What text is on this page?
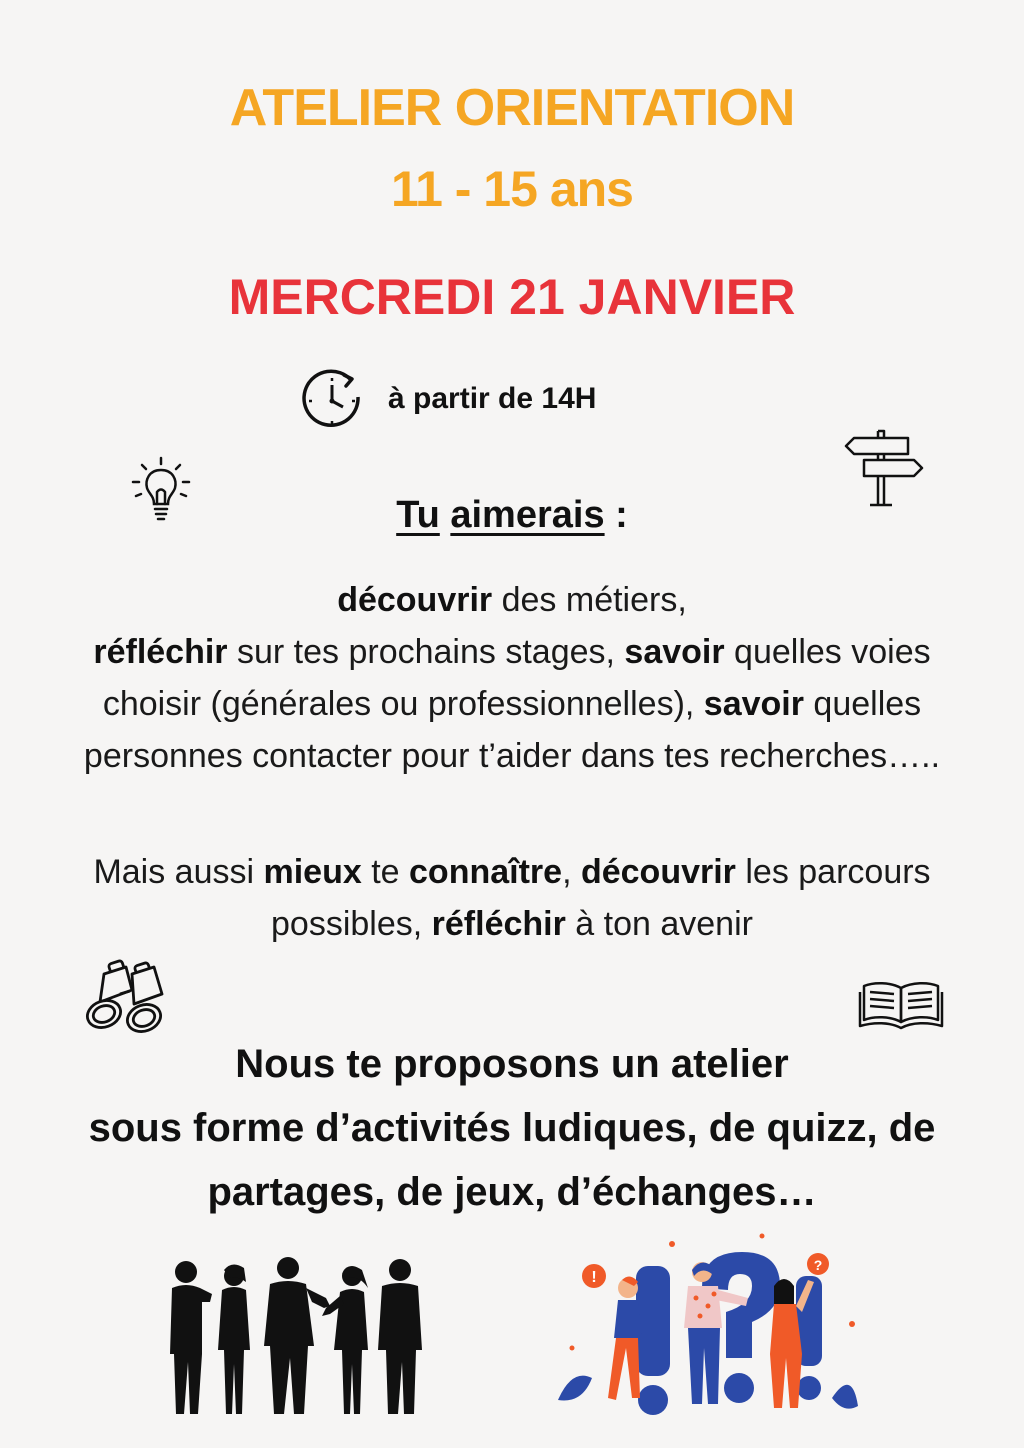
ATELIER ORIENTATION
11 - 15 ans
MERCREDI 21 JANVIER
à partir de 14H
Tu aimerais :
découvrir des métiers,
réfléchir sur tes prochains stages, savoir quelles voies
choisir (générales ou professionnelles), savoir quelles
personnes contacter pour t’aider dans tes recherches…..
Mais aussi mieux te connaître, découvrir les parcours
possibles, réfléchir à ton avenir
Nous te proposons un atelier
sous forme d’activités ludiques, de quizz, de
partages, de jeux, d’échanges…
!
?
